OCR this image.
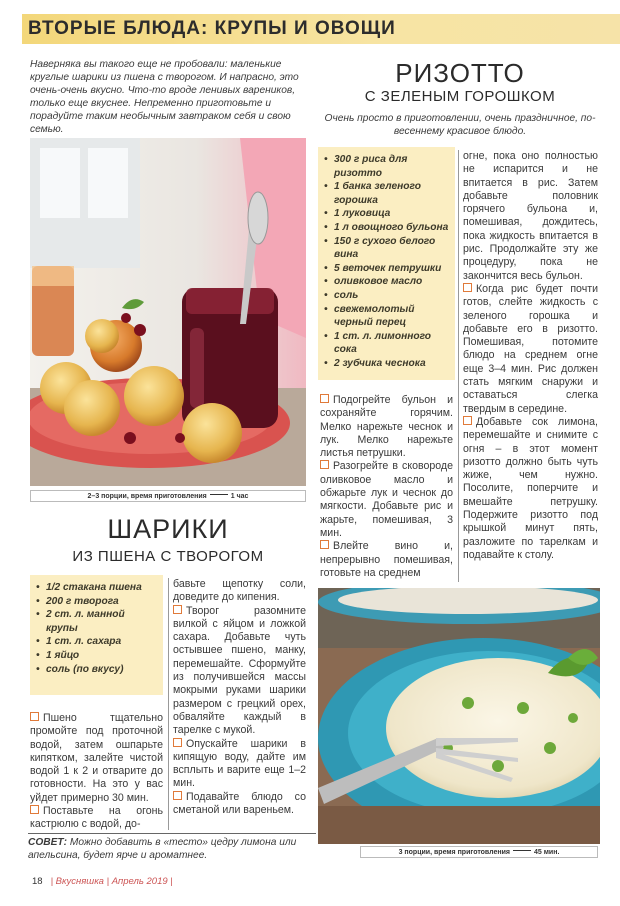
ВТОРЫЕ БЛЮДА: КРУПЫ И ОВОЩИ
Наверняка вы такого еще не пробовали: маленькие круглые шарики из пшена с творогом. И напрасно, это очень-очень вкусно. Что-то вроде ленивых вареников, только еще вкуснее. Непременно приготовьте и порадуйте таким необычным завтраком себя и свою семью.
РИЗОТТО
С ЗЕЛЕНЫМ ГОРОШКОМ
Очень просто в приготовлении, очень праздничное, по-весеннему красивое блюдо.
2–3 порции, время приготовления	1 час
• 300 г риса для ризотто
• 1 банка зеленого горошка
• 1 луковица
• 1 л овощного бульона
• 150 г сухого белого вина
• 5 веточек петрушки
• оливковое масло
• соль
• свежемолотый черный перец
• 1 ст. л. лимонного сока
• 2 зубчика чеснока

Подогрейте бульон и сохраняйте горячим. Мелко нарежьте чеснок и лук. Мелко нарежьте листья петрушки.

Разогрейте в сковороде оливковое масло и обжарьте лук и чеснок до мягкости. Добавьте рис и жарьте, помешивая, 3 мин.

Влейте вино и, непрерывно помешивая, готовьте на среднем

огне, пока оно полностью не испарится и не впитается в рис. Затем добавьте половник горячего бульона и, помешивая, дождитесь, пока жидкость впитается в рис. Продолжайте эту же процедуру, пока не закончится весь бульон.

Когда рис будет почти готов, слейте жидкость с зеленого горошка и добавьте его в ризотто. Помешивая, потомите блюдо на среднем огне еще 3–4 мин. Рис должен стать мягким снаружи и оставаться слегка твердым в середине.

Добавьте сок лимона, перемешайте и снимите с огня – в этот момент ризотто должно быть чуть жиже, чем нужно. Посолите, поперчите и вмешайте петрушку. Подержите ризотто под крышкой минут пять, разложите по тарелкам и подавайте к столу.

3 порции, время приготовления	45 мин.
ШАРИКИ
ИЗ ПШЕНА С ТВОРОГОМ
• 1/2 стакана пшена
• 200 г творога
• 2 ст. л. манной крупы
• 1 ст. л. сахара
• 1 яйцо
• соль (по вкусу)

Пшено тщательно промойте под проточной водой, затем ошпарьте кипятком, залейте чистой водой 1 к 2 и отварите до готовности. На это у вас уйдет примерно 30 мин.

Поставьте на огонь кастрюлю с водой, до-

бавьте щепотку соли, доведите до кипения.

Творог разомните вилкой с яйцом и ложкой сахара. Добавьте чуть остывшее пшено, манку, перемешайте. Сформуйте из получившейся массы мокрыми руками шарики размером с грецкий орех, обваляйте каждый в тарелке с мукой.

Опускайте шарики в кипящую воду, дайте им всплыть и варите еще 1–2 мин.

Подавайте блюдо со сметаной или вареньем.

СОВЕТ: Можно добавить в «тесто» цедру лимона или апельсина, будет ярче и ароматнее.
18 | Вкусняшка | Апрель 2019 |
